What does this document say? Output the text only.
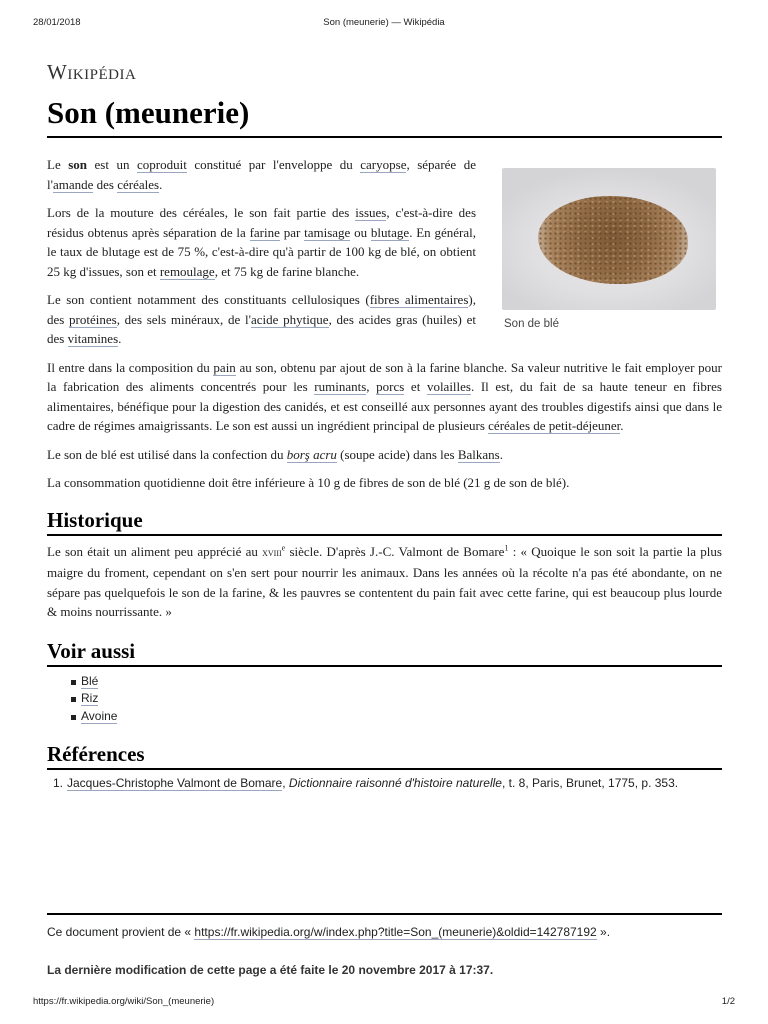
28/01/2018	Son (meunerie) — Wikipédia
Wikipédia
Son (meunerie)
Son de blé

Le son est un coproduit constitué par l'enveloppe du caryopse, séparée de l'amande des céréales.

Lors de la mouture des céréales, le son fait partie des issues, c'est-à-dire des résidus obtenus après séparation de la farine par tamisage ou blutage. En général, le taux de blutage est de 75 %, c'est-à-dire qu'à partir de 100 kg de blé, on obtient 25 kg d'issues, son et remoulage, et 75 kg de farine blanche.

Le son contient notamment des constituants cellulosiques (fibres alimentaires), des protéines, des sels minéraux, de l'acide phytique, des acides gras (huiles) et des vitamines.

Il entre dans la composition du pain au son, obtenu par ajout de son à la farine blanche. Sa valeur nutritive le fait employer pour la fabrication des aliments concentrés pour les ruminants, porcs et volailles. Il est, du fait de sa haute teneur en fibres alimentaires, bénéfique pour la digestion des canidés, et est conseillé aux personnes ayant des troubles digestifs ainsi que dans le cadre de régimes amaigrissants. Le son est aussi un ingrédient principal de plusieurs céréales de petit-déjeuner.

Le son de blé est utilisé dans la confection du borş acru (soupe acide) dans les Balkans.

La consommation quotidienne doit être inférieure à 10 g de fibres de son de blé (21 g de son de blé).

Historique

Le son était un aliment peu apprécié au xviii$^e$ siècle. D'après J.-C. Valmont de Bomare$^1$ : « Quoique le son soit la partie la plus maigre du froment, cependant on s'en sert pour nourrir les animaux. Dans les années où la récolte n'a pas été abondante, on ne sépare pas quelquefois le son de la farine, & les pauvres se contentent du pain fait avec cette farine, qui est beaucoup plus lourde & moins nourrissante. »

Voir aussi
Blé
Riz
Avoine
Références
1. Jacques-Christophe Valmont de Bomare, Dictionnaire raisonné d'histoire naturelle, t. 8, Paris, Brunet, 1775, p. 353.
Ce document provient de « https://fr.wikipedia.org/w/index.php?title=Son_(meunerie)&oldid=142787192 ».
La dernière modification de cette page a été faite le 20 novembre 2017 à 17:37.
https://fr.wikipedia.org/wiki/Son_(meunerie)	1/2
